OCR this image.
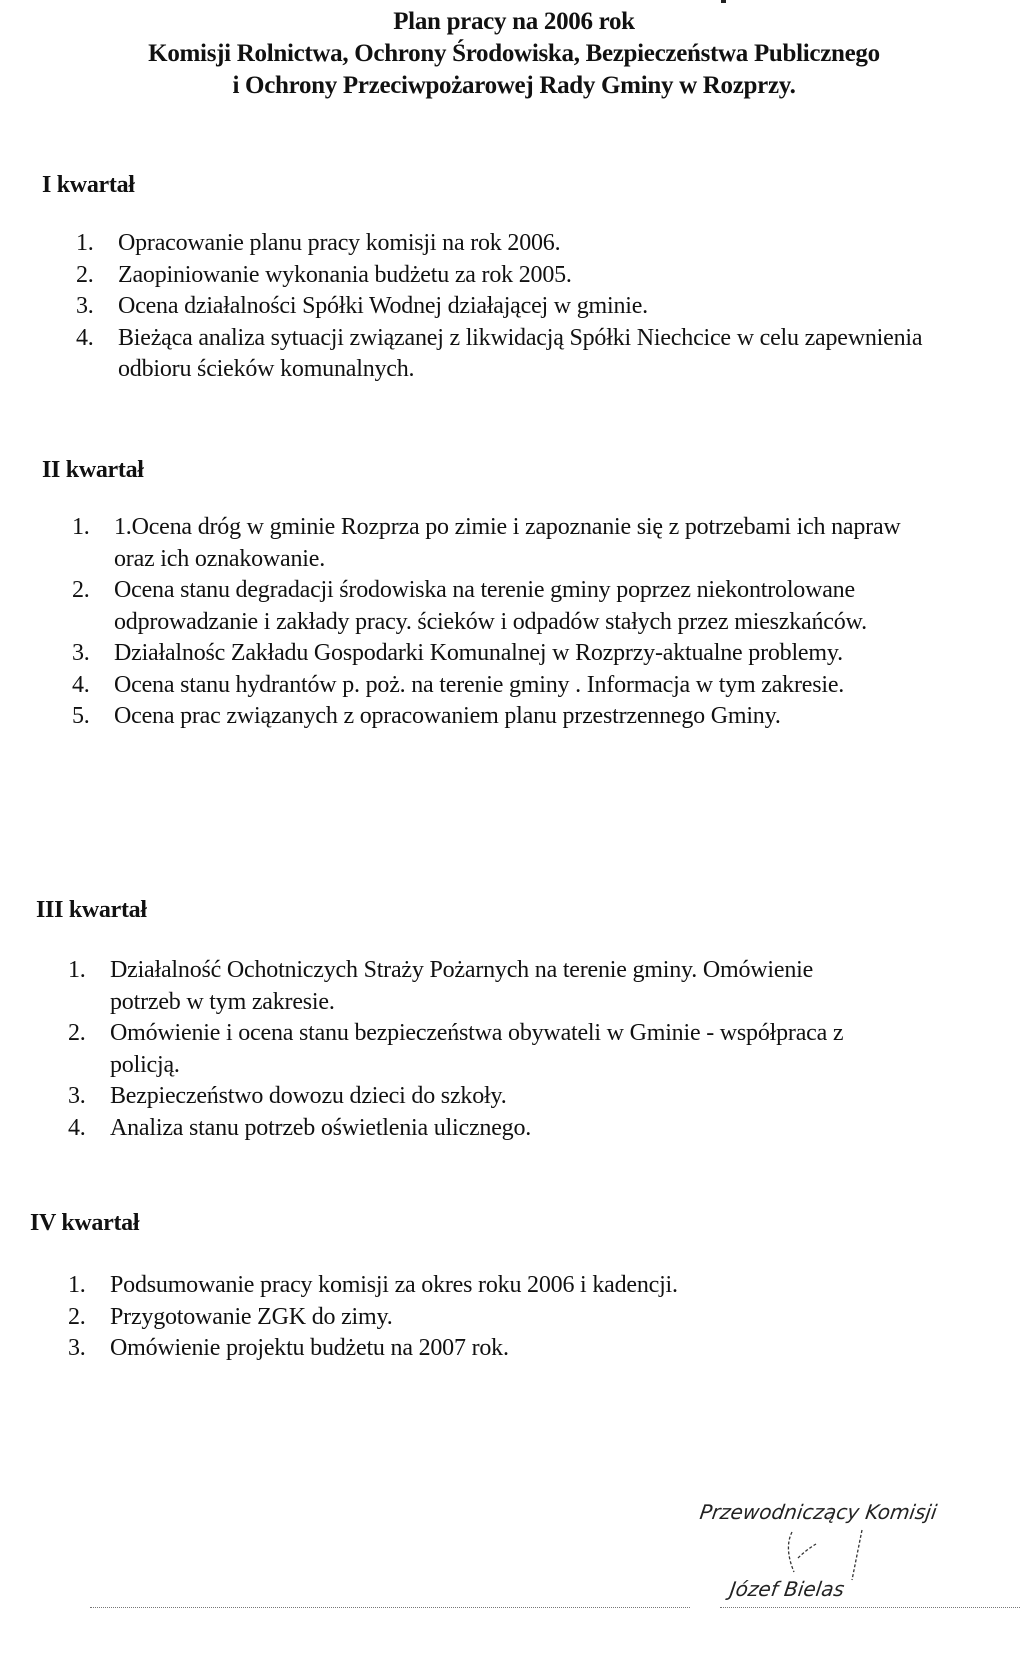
Plan pracy na 2006 rok
Komisji Rolnictwa, Ochrony Środowiska, Bezpieczeństwa Publicznego
i Ochrony Przeciwpożarowej Rady Gminy w Rozprzy.
I kwartał
1. Opracowanie planu pracy komisji na rok 2006.
2. Zaopiniowanie wykonania budżetu za rok 2005.
3. Ocena działalności Spółki Wodnej działającej w gminie.
4. Bieżąca analiza sytuacji związanej z likwidacją Spółki Niechcice w celu zapewnienia odbioru ścieków komunalnych.
II kwartał
1. 1.Ocena dróg w gminie Rozprza po zimie i zapoznanie się z potrzebami ich napraw oraz ich oznakowanie.
2. Ocena stanu degradacji środowiska na terenie gminy poprzez niekontrolowane odprowadzanie i zakłady pracy. ścieków i odpadów stałych przez mieszkańców.
3. Działalnośc Zakładu Gospodarki Komunalnej w Rozprzy-aktualne problemy.
4. Ocena stanu hydrantów p. poż. na terenie gminy . Informacja w tym zakresie.
5. Ocena prac związanych z opracowaniem planu przestrzennego Gminy.
III kwartał
1. Działalność Ochotniczych Straży Pożarnych na terenie gminy. Omówienie potrzeb w tym zakresie.
2. Omówienie i ocena stanu bezpieczeństwa obywateli w Gminie - współpraca z policją.
3. Bezpieczeństwo dowozu dzieci do szkoły.
4. Analiza stanu potrzeb oświetlenia ulicznego.
IV kwartał
1. Podsumowanie pracy komisji za okres roku 2006 i kadencji.
2. Przygotowanie ZGK do zimy.
3. Omówienie projektu budżetu na 2007 rok.
Przewodniczący Komisji
Józef Bielas
